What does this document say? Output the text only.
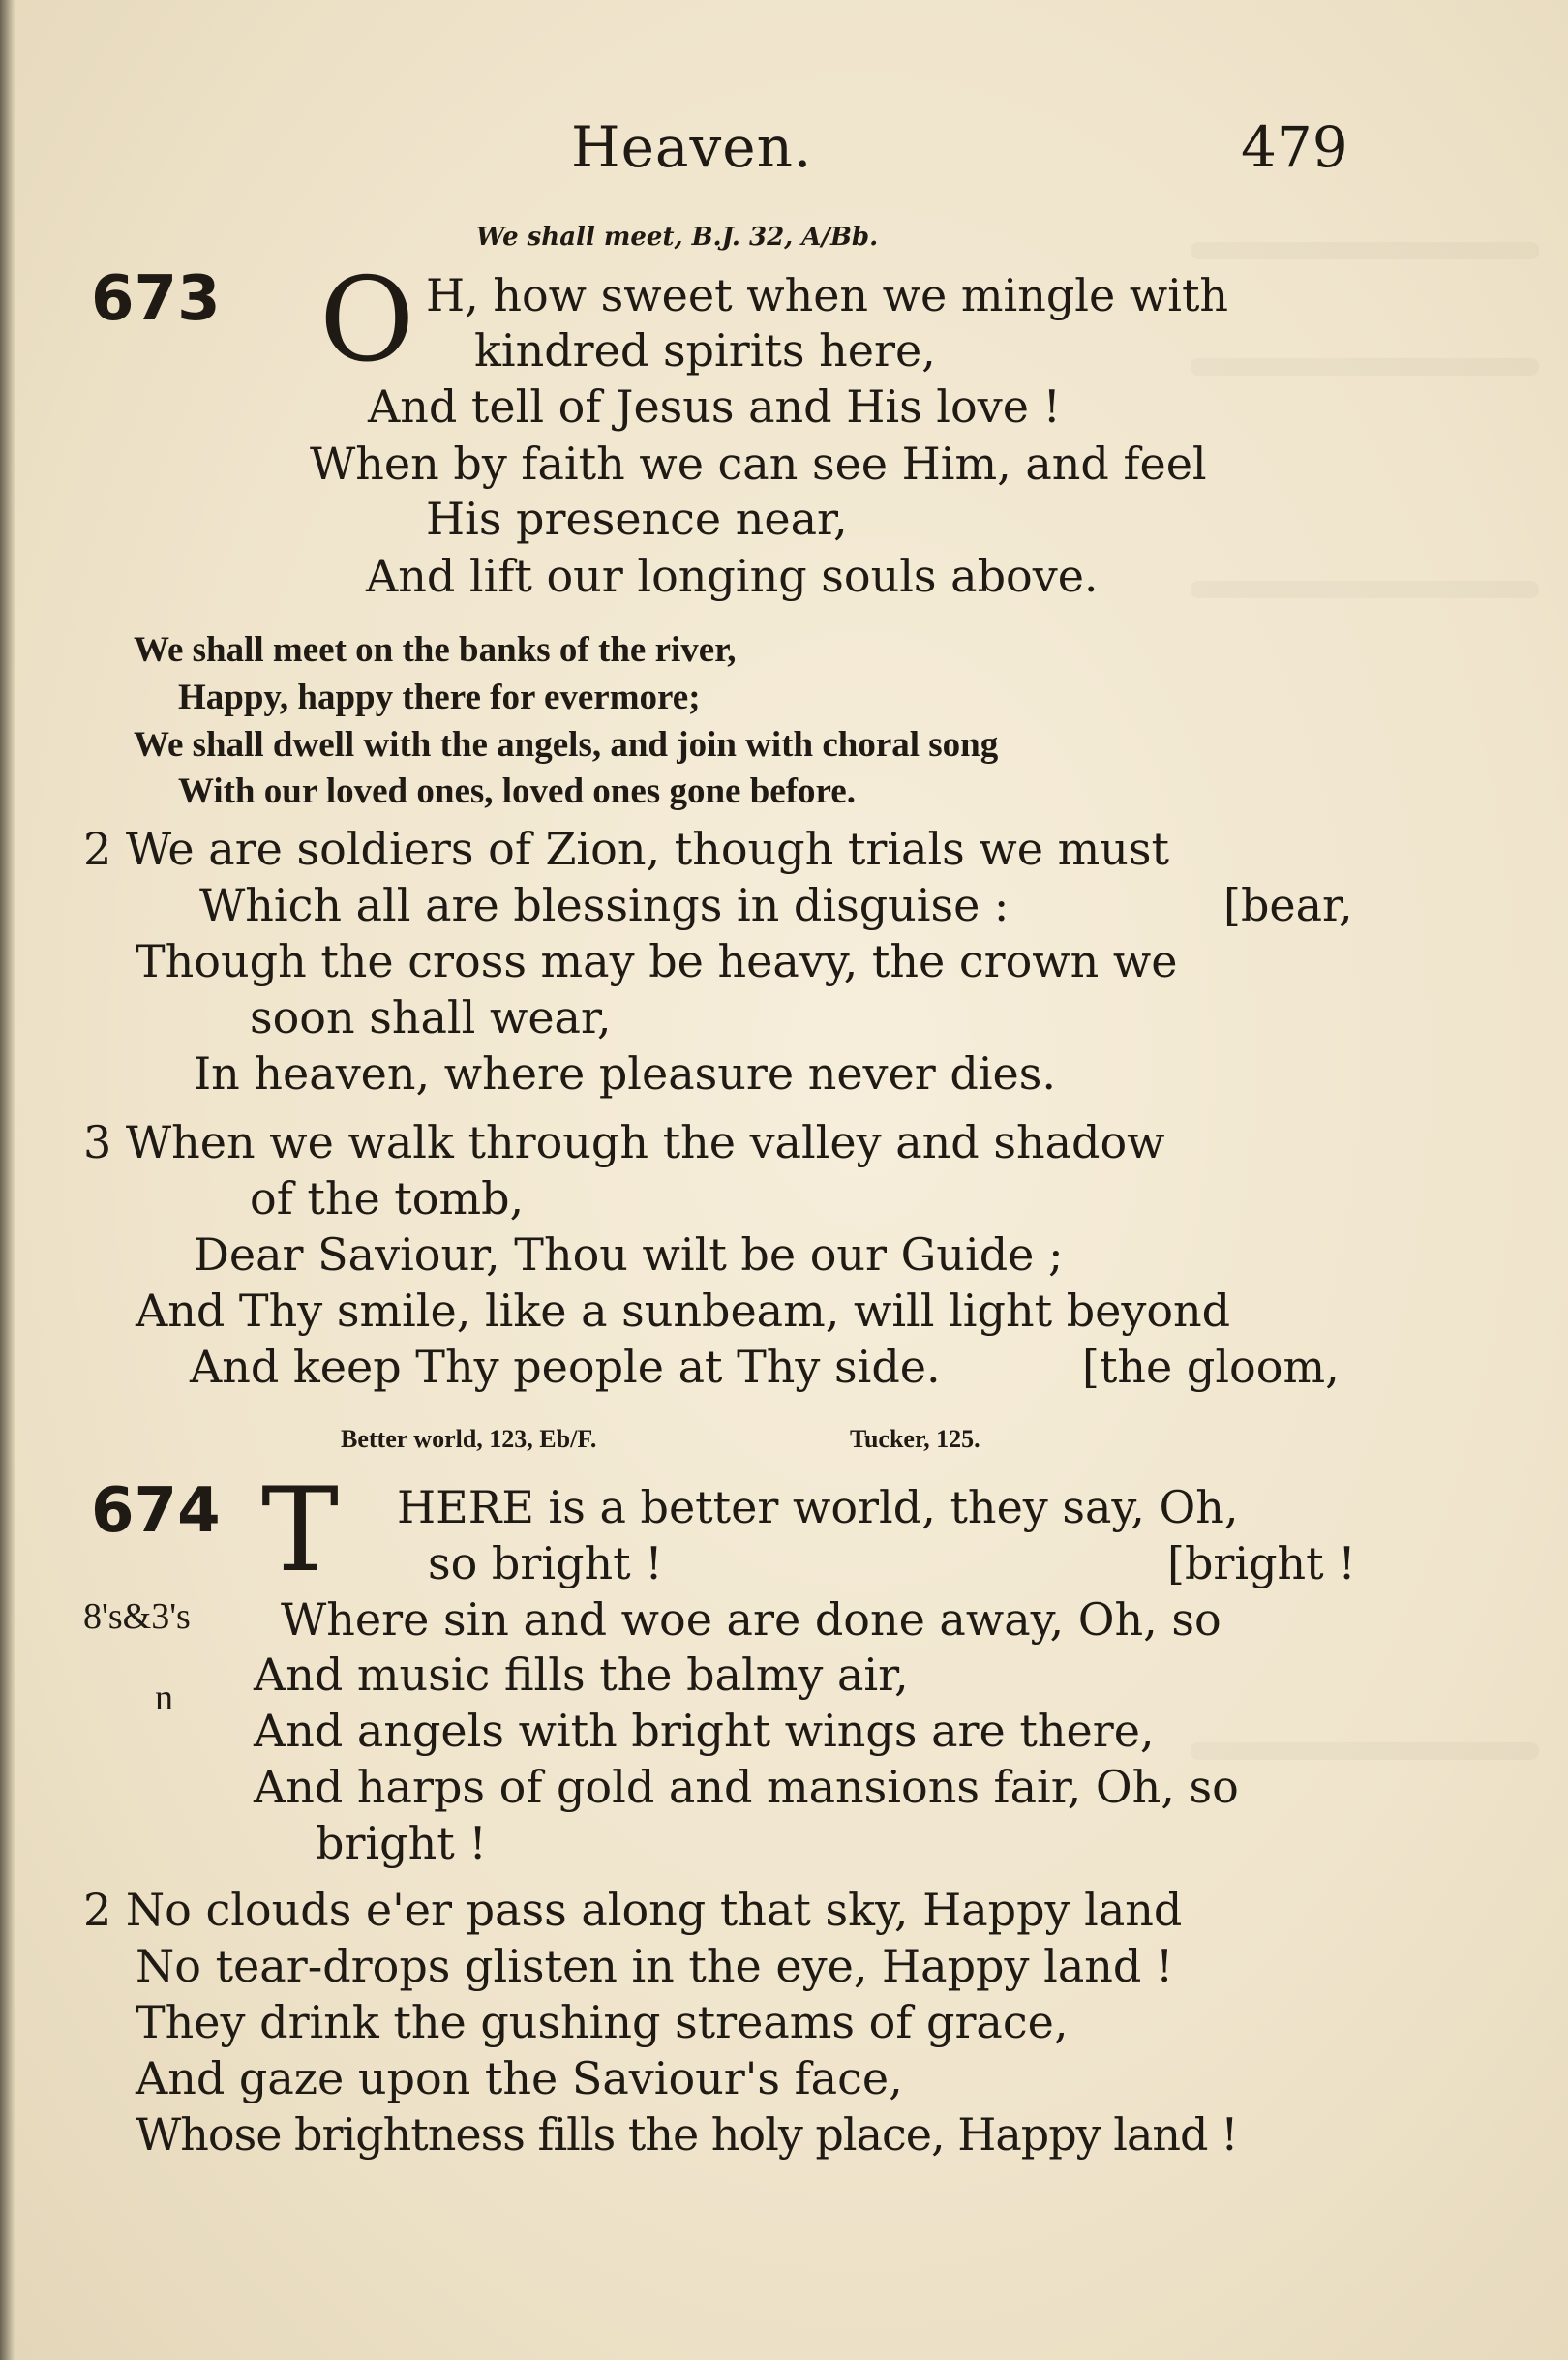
Heaven.	479
We shall meet, B.J. 32, A/Bb.
673 O H, how sweet when we mingle with
kindred spirits here,
And tell of Jesus and His love !
When by faith we can see Him, and feel
His presence near,
And lift our longing souls above.
We shall meet on the banks of the river,
Happy, happy there for evermore;
We shall dwell with the angels, and join with choral song
With our loved ones, loved ones gone before.
2 We are soldiers of Zion, though trials we must
Which all are blessings in disguise :	[bear,
Though the cross may be heavy, the crown we
soon shall wear,
In heaven, where pleasure never dies.
3 When we walk through the valley and shadow
of the tomb,
Dear Saviour, Thou wilt be our Guide ;
And Thy smile, like a sunbeam, will light beyond
And keep Thy people at Thy side.	[the gloom,
Better world, 123, Eb/F.	Tucker, 125.
674 T HERE is a better world, they say, Oh,
so bright !	[bright !
8's&3's Where sin and woe are done away, Oh, so
n And music fills the balmy air,
And angels with bright wings are there,
And harps of gold and mansions fair, Oh, so
bright !
2 No clouds e'er pass along that sky, Happy land
No tear-drops glisten in the eye, Happy land !
They drink the gushing streams of grace,
And gaze upon the Saviour's face,
Whose brightness fills the holy place, Happy land !
